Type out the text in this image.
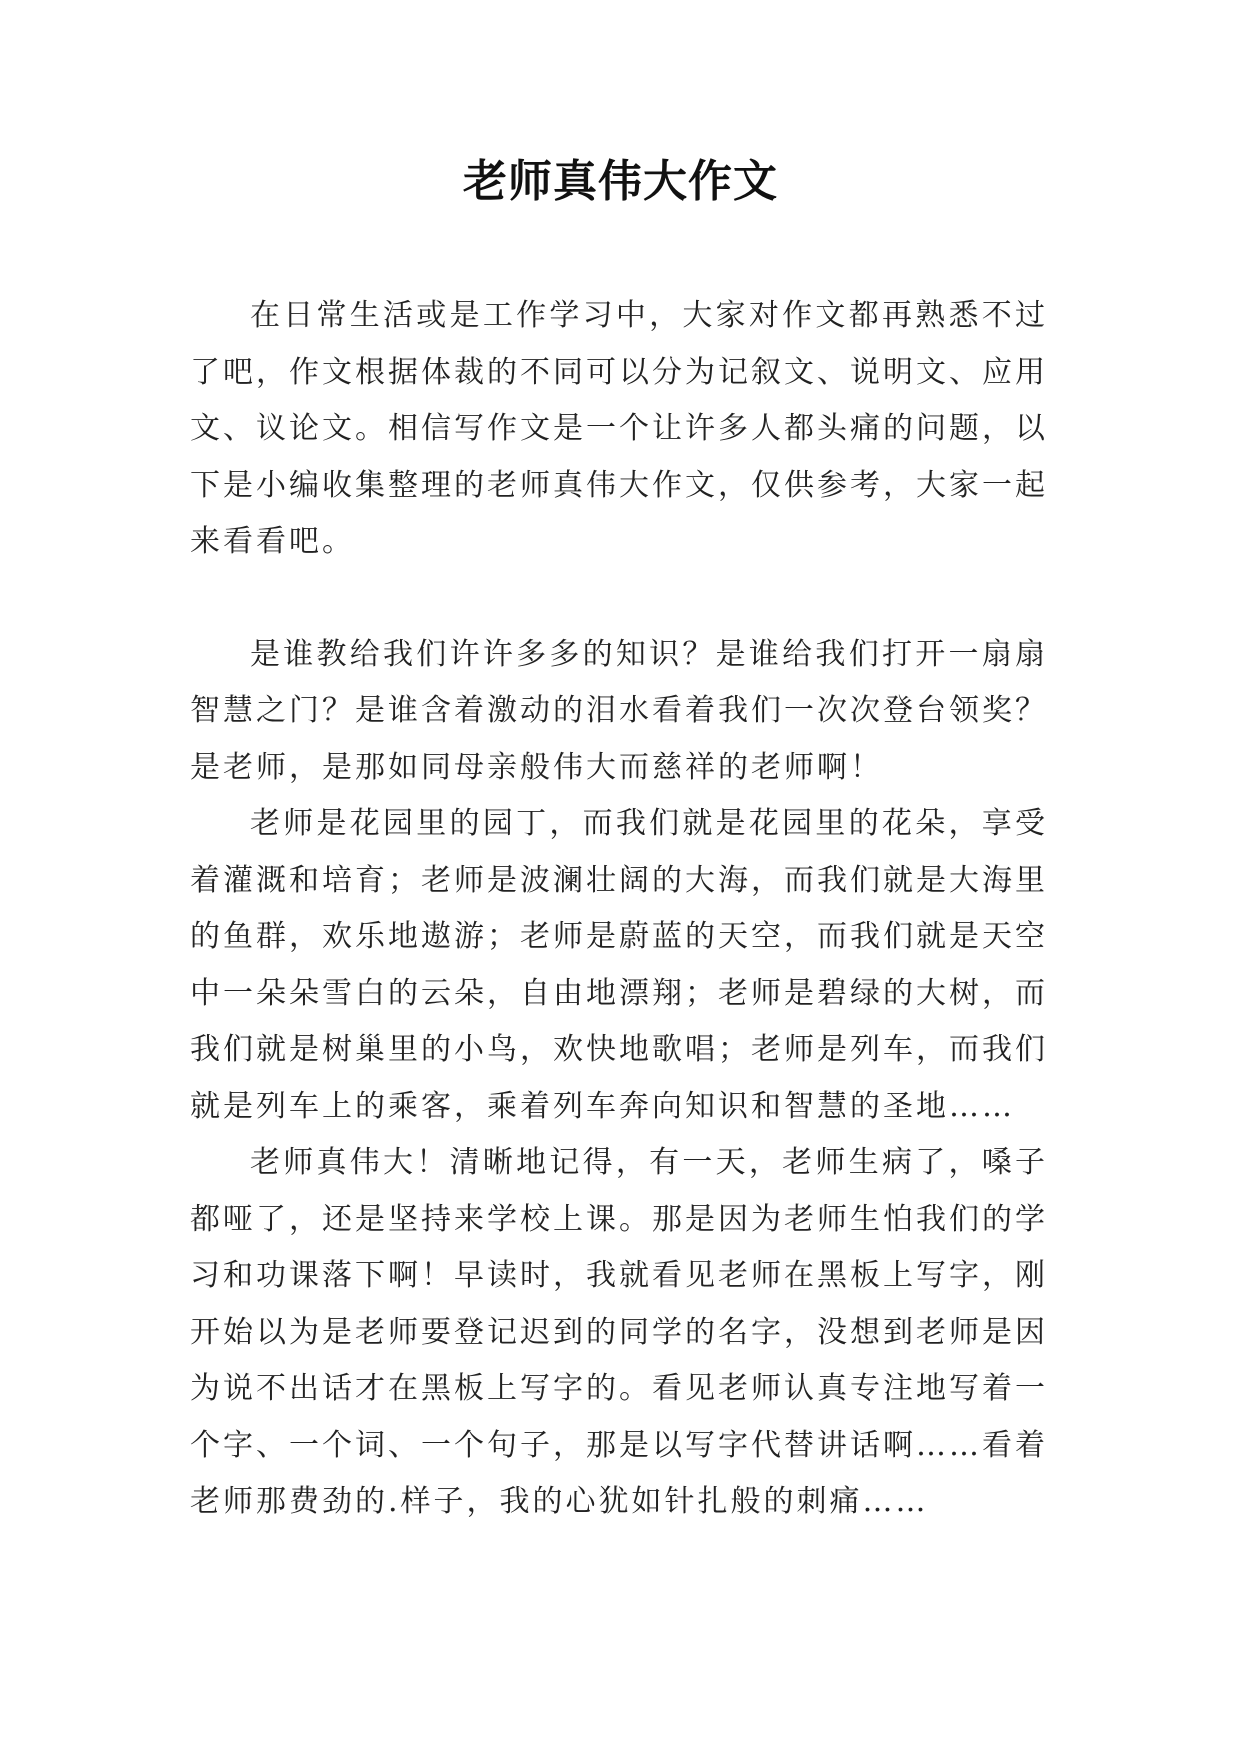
老师真伟大作文

在日常生活或是工作学习中，大家对作文都再熟悉不过了吧，作文根据体裁的不同可以分为记叙文、说明文、应用文、议论文。相信写作文是一个让许多人都头痛的问题，以下是小编收集整理的老师真伟大作文，仅供参考，大家一起来看看吧。

是谁教给我们许许多多的知识？是谁给我们打开一扇扇智慧之门？是谁含着激动的泪水看着我们一次次登台领奖？是老师，是那如同母亲般伟大而慈祥的老师啊！

老师是花园里的园丁，而我们就是花园里的花朵，享受着灌溉和培育；老师是波澜壮阔的大海，而我们就是大海里的鱼群，欢乐地遨游；老师是蔚蓝的天空，而我们就是天空中一朵朵雪白的云朵，自由地漂翔；老师是碧绿的大树，而我们就是树巢里的小鸟，欢快地歌唱；老师是列车，而我们就是列车上的乘客，乘着列车奔向知识和智慧的圣地……

老师真伟大！清晰地记得，有一天，老师生病了，嗓子都哑了，还是坚持来学校上课。那是因为老师生怕我们的学习和功课落下啊！早读时，我就看见老师在黑板上写字，刚开始以为是老师要登记迟到的同学的名字，没想到老师是因为说不出话才在黑板上写字的。看见老师认真专注地写着一个字、一个词、一个句子，那是以写字代替讲话啊……看着老师那费劲的.样子，我的心犹如针扎般的刺痛……
